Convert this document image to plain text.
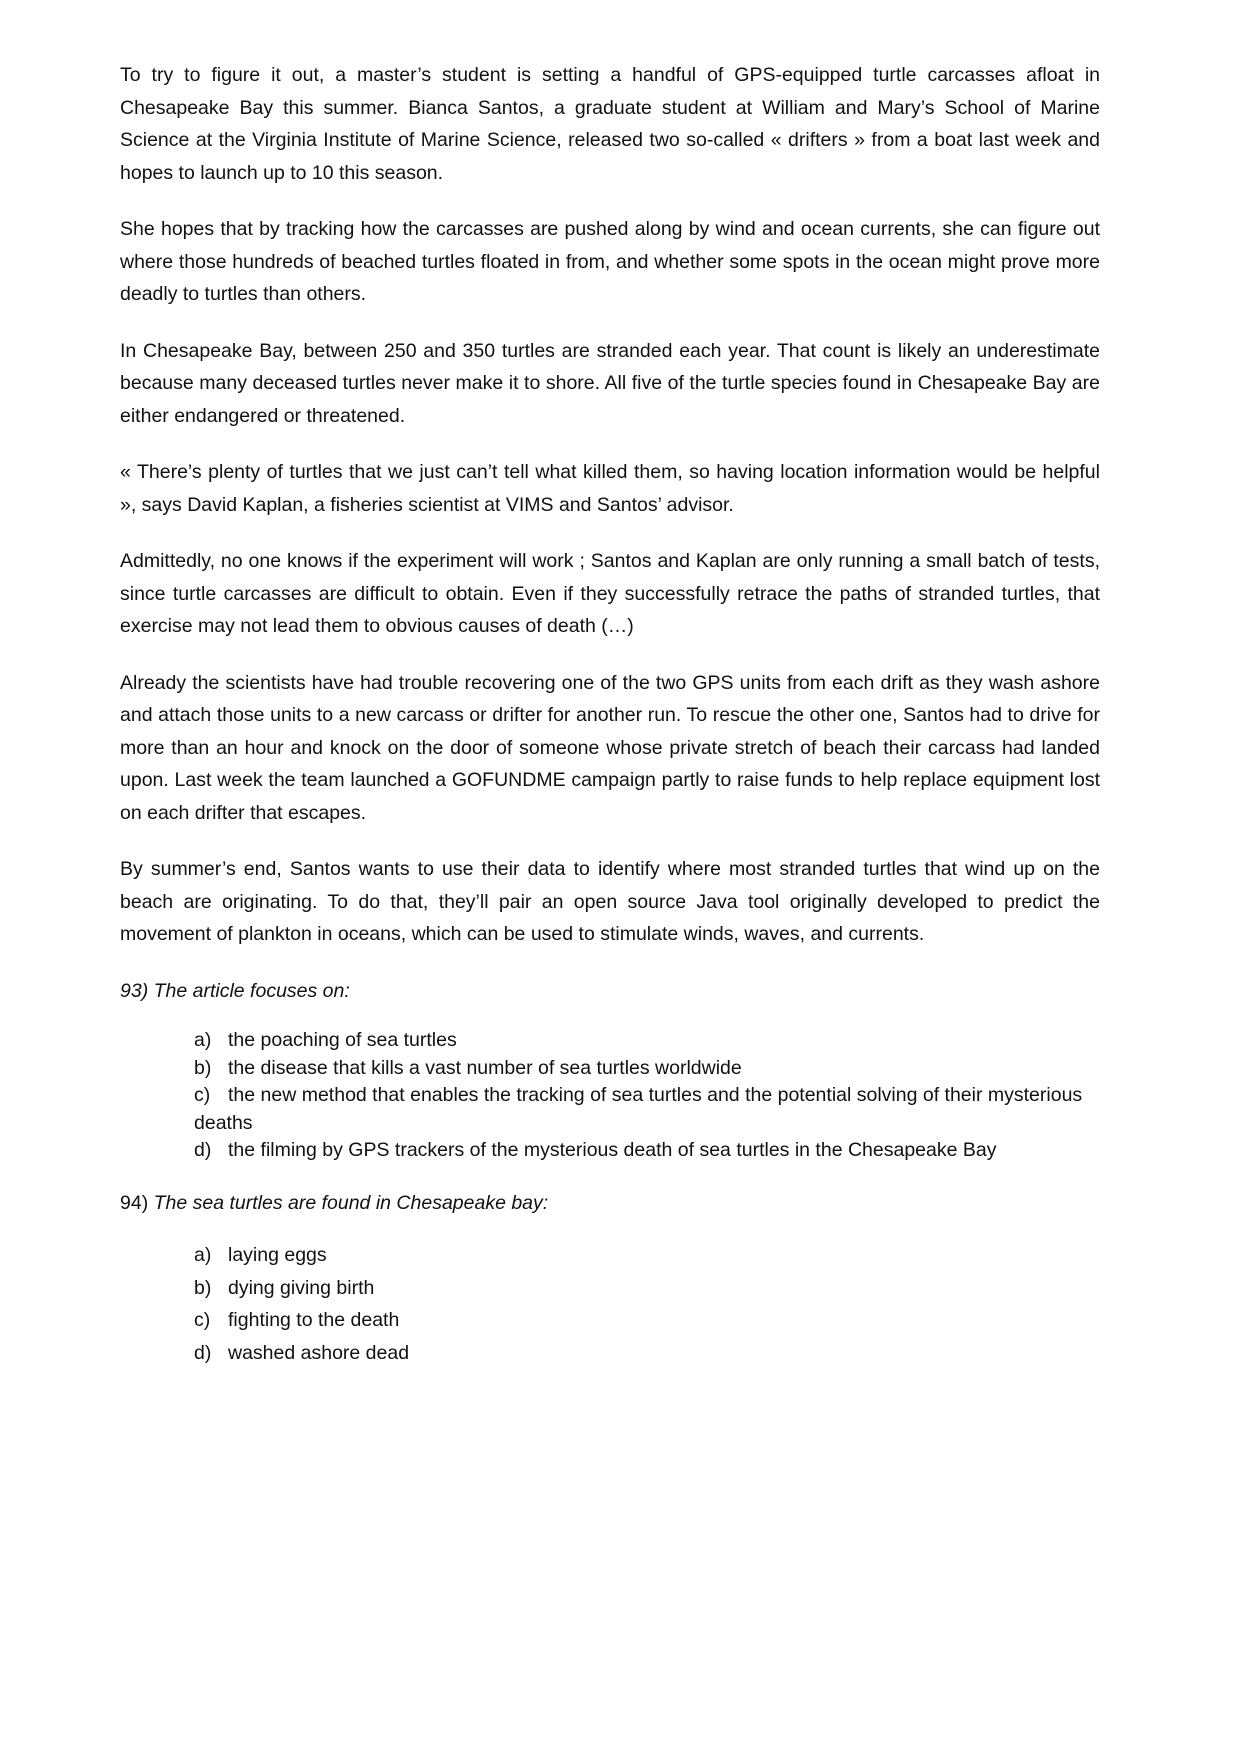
To try to figure it out, a master’s student is setting a handful of GPS-equipped turtle carcasses afloat in Chesapeake Bay this summer. Bianca Santos, a graduate student at William and Mary’s School of Marine Science at the Virginia Institute of Marine Science, released two so-called « drifters » from a boat last week and hopes to launch up to 10 this season.

She hopes that by tracking how the carcasses are pushed along by wind and ocean currents, she can figure out where those hundreds of beached turtles floated in from, and whether some spots in the ocean might prove more deadly to turtles than others.

In Chesapeake Bay, between 250 and 350 turtles are stranded each year. That count is likely an underestimate because many deceased turtles never make it to shore. All five of the turtle species found in Chesapeake Bay are either endangered or threatened.

« There’s plenty of turtles that we just can’t tell what killed them, so having location information would be helpful », says David Kaplan, a fisheries scientist at VIMS and Santos’ advisor.

Admittedly, no one knows if the experiment will work ; Santos and Kaplan are only running a small batch of tests, since turtle carcasses are difficult to obtain. Even if they successfully retrace the paths of stranded turtles, that exercise may not lead them to obvious causes of death (…)

Already the scientists have had trouble recovering one of the two GPS units from each drift as they wash ashore and attach those units to a new carcass or drifter for another run. To rescue the other one, Santos had to drive for more than an hour and knock on the door of someone whose private stretch of beach their carcass had landed upon. Last week the team launched a GOFUNDME campaign partly to raise funds to help replace equipment lost on each drifter that escapes.

By summer’s end, Santos wants to use their data to identify where most stranded turtles that wind up on the beach are originating. To do that, they’ll pair an open source Java tool originally developed to predict the movement of plankton in oceans, which can be used to stimulate winds, waves, and currents.

93) The article focuses on:

a) the poaching of sea turtles
b) the disease that kills a vast number of sea turtles worldwide
c) the new method that enables the tracking of sea turtles and the potential solving of their mysterious deaths
d) the filming by GPS trackers of the mysterious death of sea turtles in the Chesapeake Bay

94) The sea turtles are found in Chesapeake bay:

a) laying eggs
b) dying giving birth
c) fighting to the death
d) washed ashore dead
